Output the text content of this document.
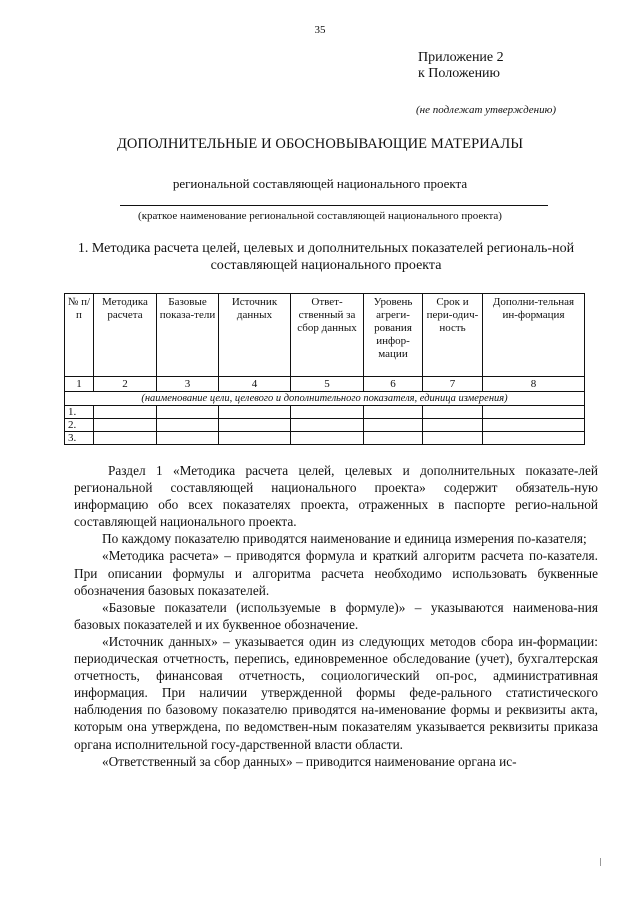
35
Приложение 2
к Положению
(не подлежат утверждению)
ДОПОЛНИТЕЛЬНЫЕ И ОБОСНОВЫВАЮЩИЕ МАТЕРИАЛЫ
региональной составляющей национального проекта
(краткое наименование региональной составляющей национального проекта)
1. Методика расчета целей, целевых и дополнительных показателей региональ-ной составляющей национального проекта
№ п/п	Методика расчета	Базовые показа-тели	Источник данных	Ответ-ственный за сбор данных	Уровень агреги-рования инфор-мации	Срок и пери-одич-ность	Дополни-тельная ин-формация
1	2	3	4	5	6	7	8
(наименование цели, целевого и дополнительного показателя, единица измерения)							
1.							
2.							
3.							

Раздел 1 «Методика расчета целей, целевых и дополнительных показате-лей региональной составляющей национального проекта» содержит обязатель-ную информацию обо всех показателях проекта, отраженных в паспорте регио-нальной составляющей национального проекта.

По каждому показателю приводятся наименование и единица измерения по-казателя;

«Методика расчета» – приводятся формула и краткий алгоритм расчета по-казателя. При описании формулы и алгоритма расчета необходимо использовать буквенные обозначения базовых показателей.

«Базовые показатели (используемые в формуле)» – указываются наименова-ния базовых показателей и их буквенное обозначение.

«Источник данных» – указывается один из следующих методов сбора ин-формации: периодическая отчетность, перепись, единовременное обследование (учет), бухгалтерская отчетность, финансовая отчетность, социологический оп-рос, административная информация. При наличии утвержденной формы феде-рального статистического наблюдения по базовому показателю приводятся на-именование формы и реквизиты акта, которым она утверждена, по ведомствен-ным показателям указывается реквизиты приказа органа исполнительной госу-дарственной власти области.

«Ответственный за сбор данных» – приводится наименование органа ис-
